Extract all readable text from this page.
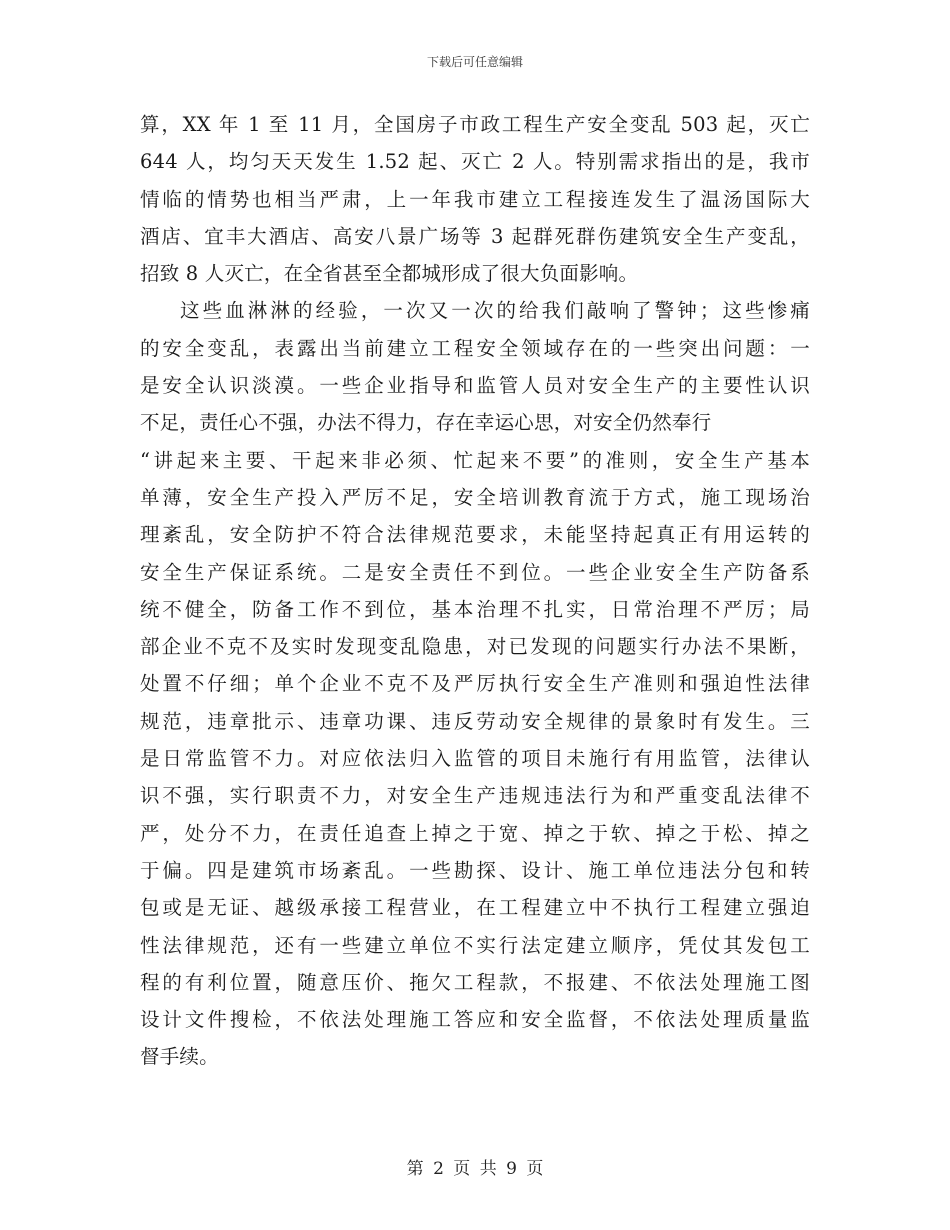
下载后可任意编辑
算，XX 年 1 至 11 月，全国房子市政工程生产安全变乱 503 起，灭亡
644 人，均匀天天发生 1.52 起、灭亡 2 人。特别需求指出的是，我市
情临的情势也相当严肃，上一年我市建立工程接连发生了温汤国际大
酒店、宜丰大酒店、高安八景广场等 3 起群死群伤建筑安全生产变乱，
招致 8 人灭亡，在全省甚至全都城形成了很大负面影响。
这些血淋淋的经验，一次又一次的给我们敲响了警钟；这些惨痛
的安全变乱，表露出当前建立工程安全领域存在的一些突出问题：一
是安全认识淡漠。一些企业指导和监管人员对安全生产的主要性认识
不足，责任心不强，办法不得力，存在幸运心思，对安全仍然奉行
“讲起来主要、干起来非必须、忙起来不要”的准则，安全生产基本
单薄，安全生产投入严厉不足，安全培训教育流于方式，施工现场治
理紊乱，安全防护不符合法律规范要求，未能坚持起真正有用运转的
安全生产保证系统。二是安全责任不到位。一些企业安全生产防备系
统不健全，防备工作不到位，基本治理不扎实，日常治理不严厉；局
部企业不克不及实时发现变乱隐患，对已发现的问题实行办法不果断，
处置不仔细；单个企业不克不及严厉执行安全生产准则和强迫性法律
规范，违章批示、违章功课、违反劳动安全规律的景象时有发生。三
是日常监管不力。对应依法归入监管的项目未施行有用监管，法律认
识不强，实行职责不力，对安全生产违规违法行为和严重变乱法律不
严，处分不力，在责任追查上掉之于宽、掉之于软、掉之于松、掉之
于偏。四是建筑市场紊乱。一些勘探、设计、施工单位违法分包和转
包或是无证、越级承接工程营业，在工程建立中不执行工程建立强迫
性法律规范，还有一些建立单位不实行法定建立顺序，凭仗其发包工
程的有利位置，随意压价、拖欠工程款，不报建、不依法处理施工图
设计文件搜检，不依法处理施工答应和安全监督，不依法处理质量监
督手续。
第 2 页 共 9 页
